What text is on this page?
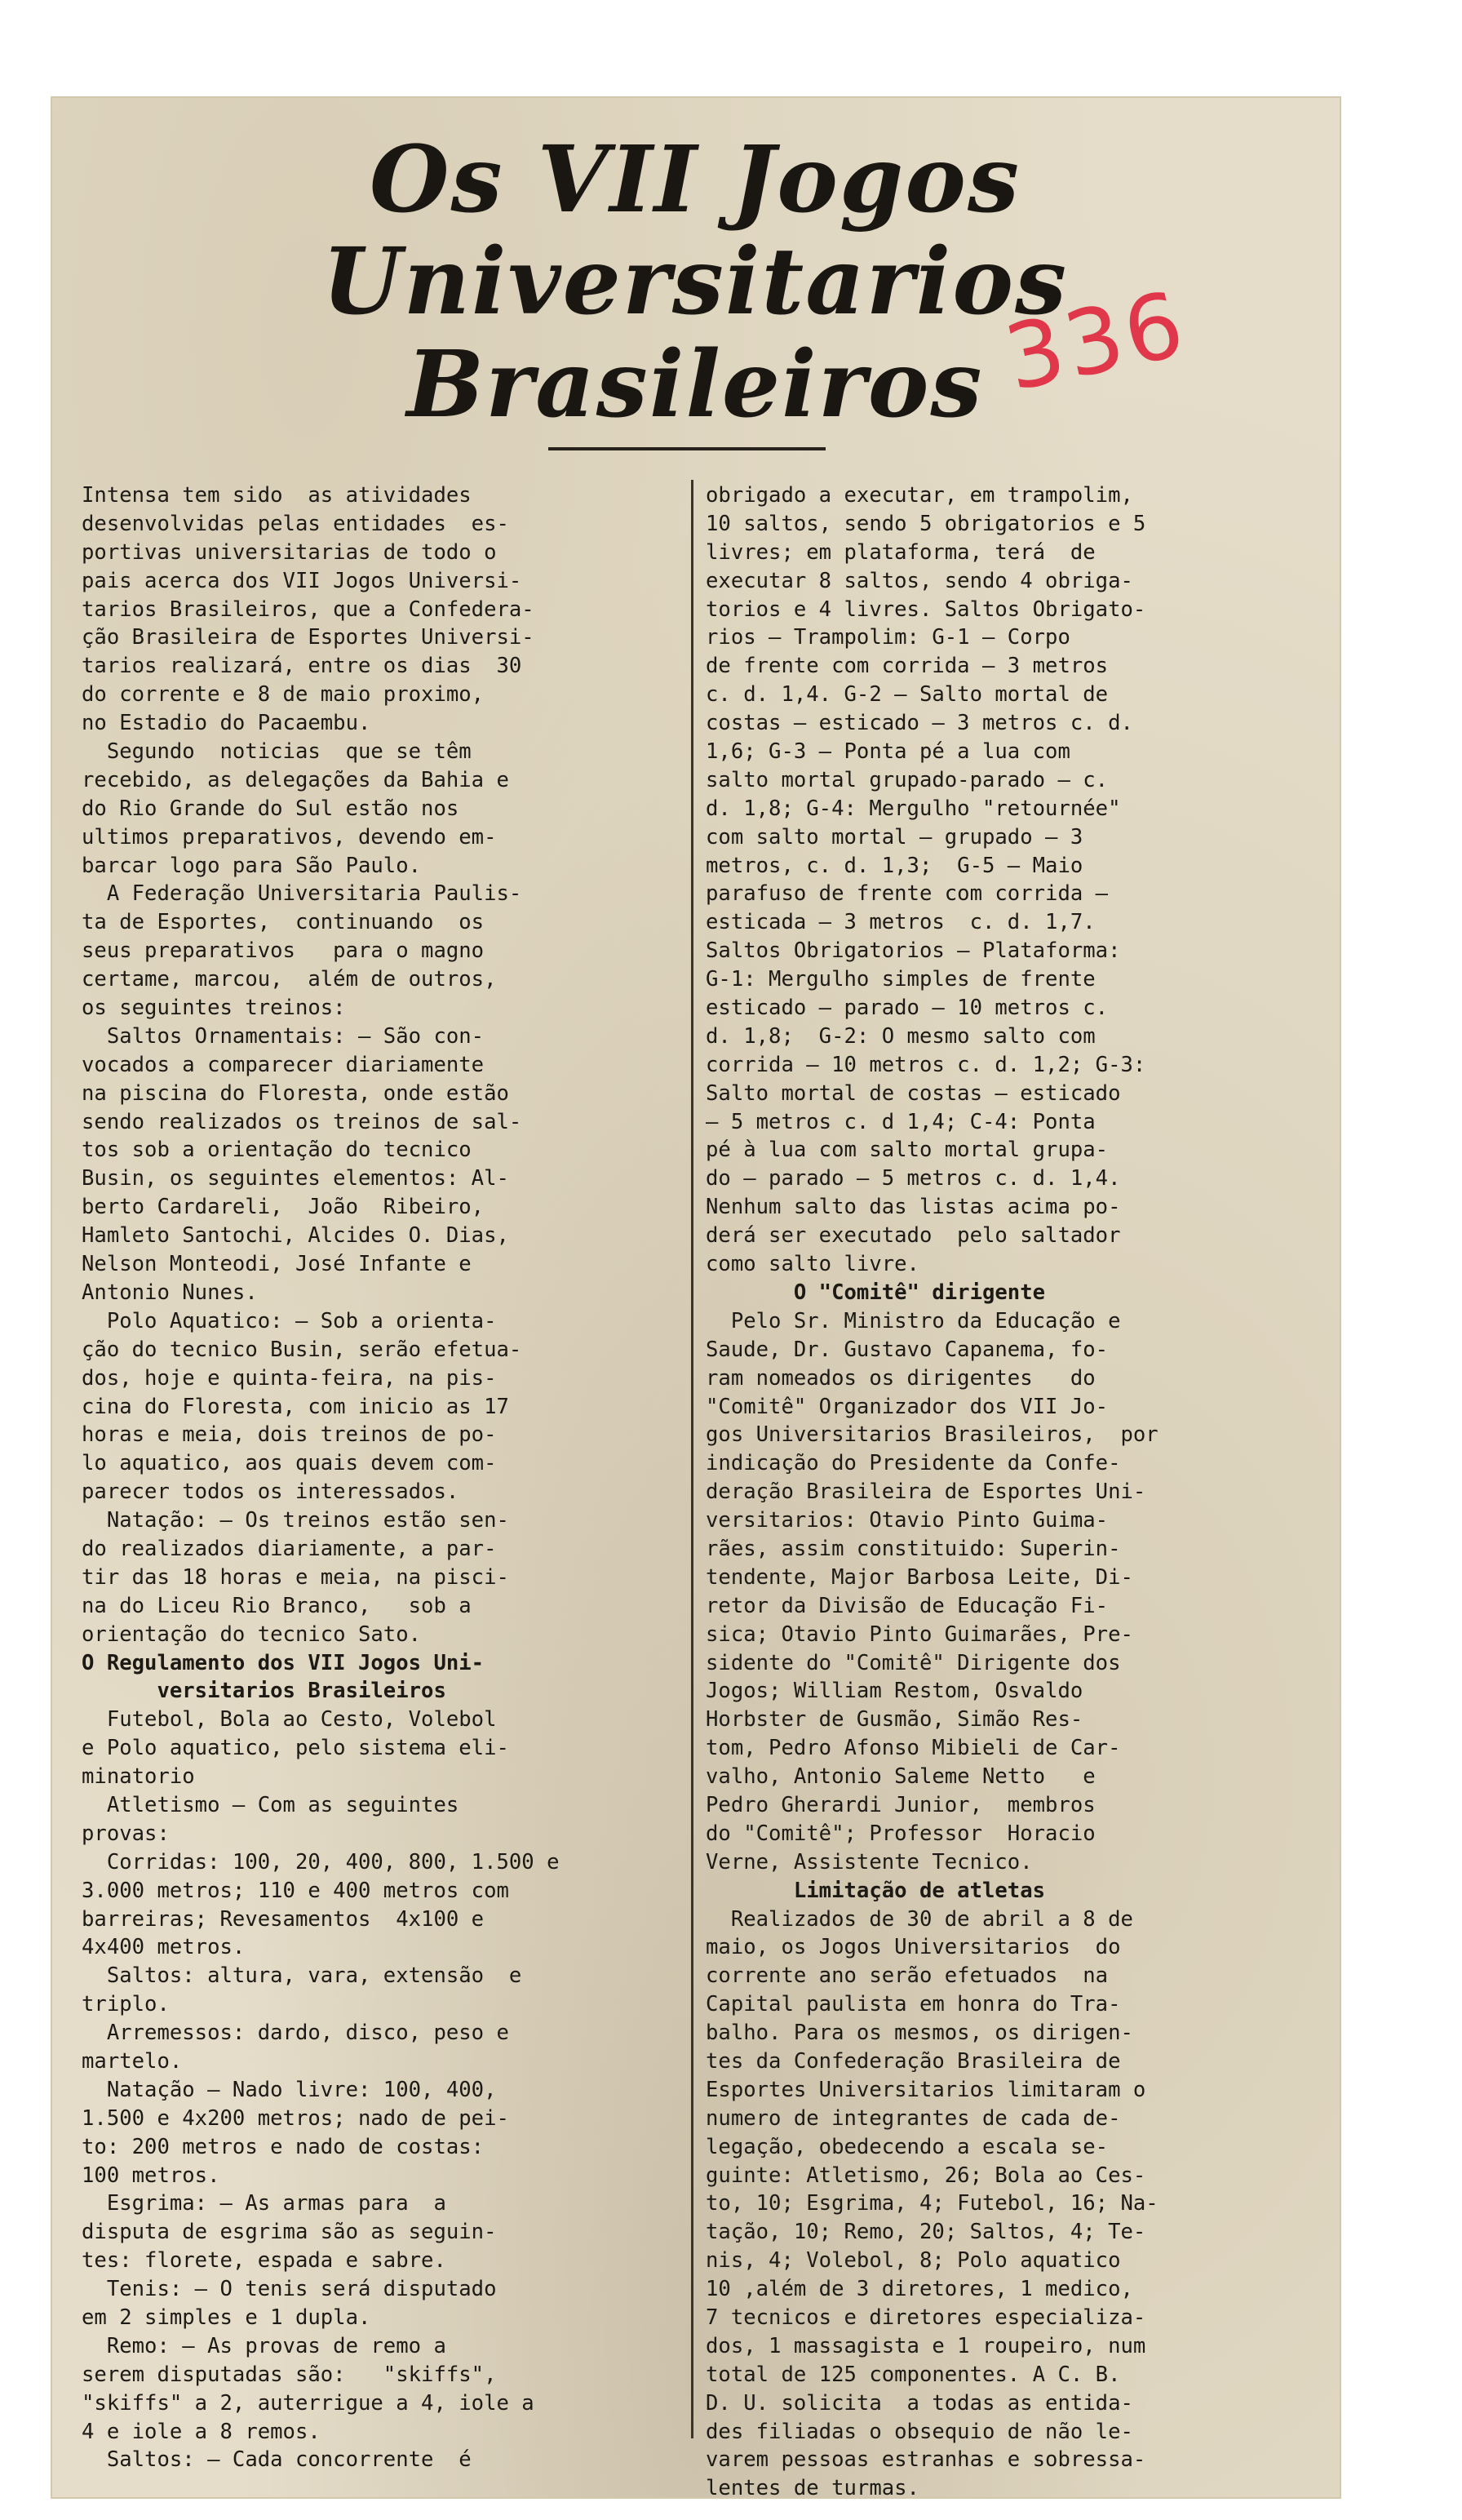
Os VII Jogos Universitarios
Brasileiros 336
Intensa tem sido  as atividades
desenvolvidas pelas entidades  es-
portivas universitarias de todo o
pais acerca dos VII Jogos Universi-
tarios Brasileiros, que a Confedera-
ção Brasileira de Esportes Universi-
tarios realizará, entre os dias  30
do corrente e 8 de maio proximo,
no Estadio do Pacaembu.
Segundo  noticias  que se têm
recebido, as delegações da Bahia e
do Rio Grande do Sul estão nos
ultimos preparativos, devendo em-
barcar logo para São Paulo.
A Federação Universitaria Paulis-
ta de Esportes,  continuando  os
seus preparativos   para o magno
certame, marcou,  além de outros,
os seguintes treinos:
Saltos Ornamentais: — São con-
vocados a comparecer diariamente
na piscina do Floresta, onde estão
sendo realizados os treinos de sal-
tos sob a orientação do tecnico
Busin, os seguintes elementos: Al-
berto Cardareli,  João  Ribeiro,
Hamleto Santochi, Alcides O. Dias,
Nelson Monteodi, José Infante e
Antonio Nunes.
Polo Aquatico: — Sob a orienta-
ção do tecnico Busin, serão efetua-
dos, hoje e quinta-feira, na pis-
cina do Floresta, com inicio as 17
horas e meia, dois treinos de po-
lo aquatico, aos quais devem com-
parecer todos os interessados.
Natação: — Os treinos estão sen-
do realizados diariamente, a par-
tir das 18 horas e meia, na pisci-
na do Liceu Rio Branco,   sob a
orientação do tecnico Sato.
O Regulamento dos VII Jogos Uni-
versitarios Brasileiros
Futebol, Bola ao Cesto, Volebol
e Polo aquatico, pelo sistema eli-
minatorio
Atletismo — Com as seguintes
provas:
Corridas: 100, 20, 400, 800, 1.500 e
3.000 metros; 110 e 400 metros com
barreiras; Revesamentos  4x100 e
4x400 metros.
Saltos: altura, vara, extensão  e
triplo.
Arremessos: dardo, disco, peso e
martelo.
Natação — Nado livre: 100, 400,
1.500 e 4x200 metros; nado de pei-
to: 200 metros e nado de costas:
100 metros.
Esgrima: — As armas para  a
disputa de esgrima são as seguin-
tes: florete, espada e sabre.
Tenis: — O tenis será disputado
em 2 simples e 1 dupla.
Remo: — As provas de remo a
serem disputadas são:   "skiffs",
"skiffs" a 2, auterrigue a 4, iole a
4 e iole a 8 remos.
Saltos: — Cada concorrente  é
obrigado a executar, em trampolim,
10 saltos, sendo 5 obrigatorios e 5
livres; em plataforma, terá  de
executar 8 saltos, sendo 4 obriga-
torios e 4 livres. Saltos Obrigato-
rios — Trampolim: G-1 — Corpo
de frente com corrida — 3 metros
c. d. 1,4. G-2 — Salto mortal de
costas — esticado — 3 metros c. d.
1,6; G-3 — Ponta pé a lua com
salto mortal grupado-parado — c.
d. 1,8; G-4: Mergulho "retournée"
com salto mortal — grupado — 3
metros, c. d. 1,3;  G-5 — Maio
parafuso de frente com corrida —
esticada — 3 metros  c. d. 1,7.
Saltos Obrigatorios — Plataforma:
G-1: Mergulho simples de frente
esticado — parado — 10 metros c.
d. 1,8;  G-2: O mesmo salto com
corrida — 10 metros c. d. 1,2; G-3:
Salto mortal de costas — esticado
— 5 metros c. d 1,4; C-4: Ponta
pé à lua com salto mortal grupa-
do — parado — 5 metros c. d. 1,4.
Nenhum salto das listas acima po-
derá ser executado  pelo saltador
como salto livre.
O "Comitê" dirigente
Pelo Sr. Ministro da Educação e
Saude, Dr. Gustavo Capanema, fo-
ram nomeados os dirigentes   do
"Comitê" Organizador dos VII Jo-
gos Universitarios Brasileiros,  por
indicação do Presidente da Confe-
deração Brasileira de Esportes Uni-
versitarios: Otavio Pinto Guima-
rães, assim constituido: Superin-
tendente, Major Barbosa Leite, Di-
retor da Divisão de Educação Fi-
sica; Otavio Pinto Guimarães, Pre-
sidente do "Comitê" Dirigente dos
Jogos; William Restom, Osvaldo
Horbster de Gusmão, Simão Res-
tom, Pedro Afonso Mibieli de Car-
valho, Antonio Saleme Netto   e
Pedro Gherardi Junior,  membros
do "Comitê"; Professor  Horacio
Verne, Assistente Tecnico.
Limitação de atletas
Realizados de 30 de abril a 8 de
maio, os Jogos Universitarios  do
corrente ano serão efetuados  na
Capital paulista em honra do Tra-
balho. Para os mesmos, os dirigen-
tes da Confederação Brasileira de
Esportes Universitarios limitaram o
numero de integrantes de cada de-
legação, obedecendo a escala se-
guinte: Atletismo, 26; Bola ao Ces-
to, 10; Esgrima, 4; Futebol, 16; Na-
tação, 10; Remo, 20; Saltos, 4; Te-
nis, 4; Volebol, 8; Polo aquatico
10 ,além de 3 diretores, 1 medico,
7 tecnicos e diretores especializa-
dos, 1 massagista e 1 roupeiro, num
total de 125 componentes. A C. B.
D. U. solicita  a todas as entida-
des filiadas o obsequio de não le-
varem pessoas estranhas e sobressa-
lentes de turmas.
